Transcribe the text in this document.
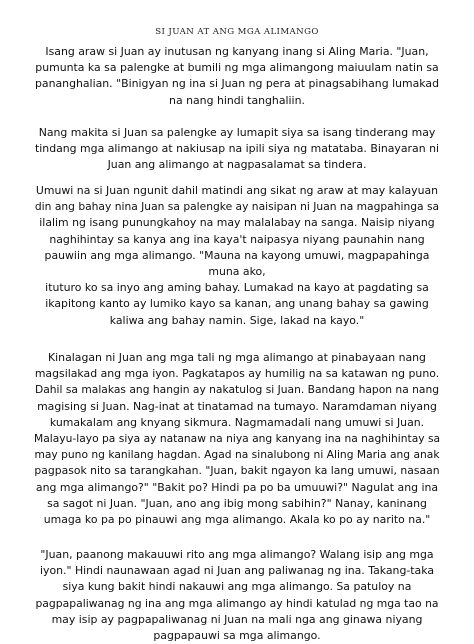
SI JUAN AT ANG MGA ALIMANGO
Isang araw si Juan ay inutusan ng kanyang inang si Aling Maria. "Juan,
pumunta ka sa palengke at bumili ng mga alimangong maiuulam natin sa
pananghalian. "Binigyan ng ina si Juan ng pera at pinagsabihang lumakad
na nang hindi tanghaliin.
Nang makita si Juan sa palengke ay lumapit siya sa isang tinderang may
tindang mga alimango at nakiusap na ipili siya ng matataba. Binayaran ni
Juan ang alimango at nagpasalamat sa tindera.
Umuwi na si Juan ngunit dahil matindi ang sikat ng araw at may kalayuan
din ang bahay nina Juan sa palengke ay naisipan ni Juan na magpahinga sa
ilalim ng isang punungkahoy na may malalabay na sanga. Naisip niyang
naghihintay sa kanya ang ina kaya't naipasya niyang paunahin nang
pauwiin ang mga alimango. "Mauna na kayong umuwi, magpapahinga
muna ako,
ituturo ko sa inyo ang aming bahay. Lumakad na kayo at pagdating sa
ikapitong kanto ay lumiko kayo sa kanan, ang unang bahay sa gawing
kaliwa ang bahay namin. Sige, lakad na kayo."
Kinalagan ni Juan ang mga tali ng mga alimango at pinabayaan nang
magsilakad ang mga iyon. Pagkatapos ay humilig na sa katawan ng puno.
Dahil sa malakas ang hangin ay nakatulog si Juan. Bandang hapon na nang
magising si Juan. Nag-inat at tinatamad na tumayo. Naramdaman niyang
kumakalam ang knyang sikmura. Nagmamadali nang umuwi si Juan.
Malayu-layo pa siya ay natanaw na niya ang kanyang ina na naghihintay sa
may puno ng kanilang hagdan. Agad na sinalubong ni Aling Maria ang anak
pagpasok nito sa tarangkahan. "Juan, bakit ngayon ka lang umuwi, nasaan
ang mga alimango?" "Bakit po? Hindi pa po ba umuuwi?" Nagulat ang ina
sa sagot ni Juan. "Juan, ano ang ibig mong sabihin?" Nanay, kaninang
umaga ko pa po pinauwi ang mga alimango. Akala ko po ay narito na."
"Juan, paanong makauuwi rito ang mga alimango? Walang isip ang mga
iyon." Hindi naunawaan agad ni Juan ang paliwanag ng ina. Takang-taka
siya kung bakit hindi nakauwi ang mga alimango. Sa patuloy na
pagpapaliwanag ng ina ang mga alimango ay hindi katulad ng mga tao na
may isip ay pagpapaliwanag ni Juan na mali nga ang ginawa niyang
pagpapauwi sa mga alimango.
